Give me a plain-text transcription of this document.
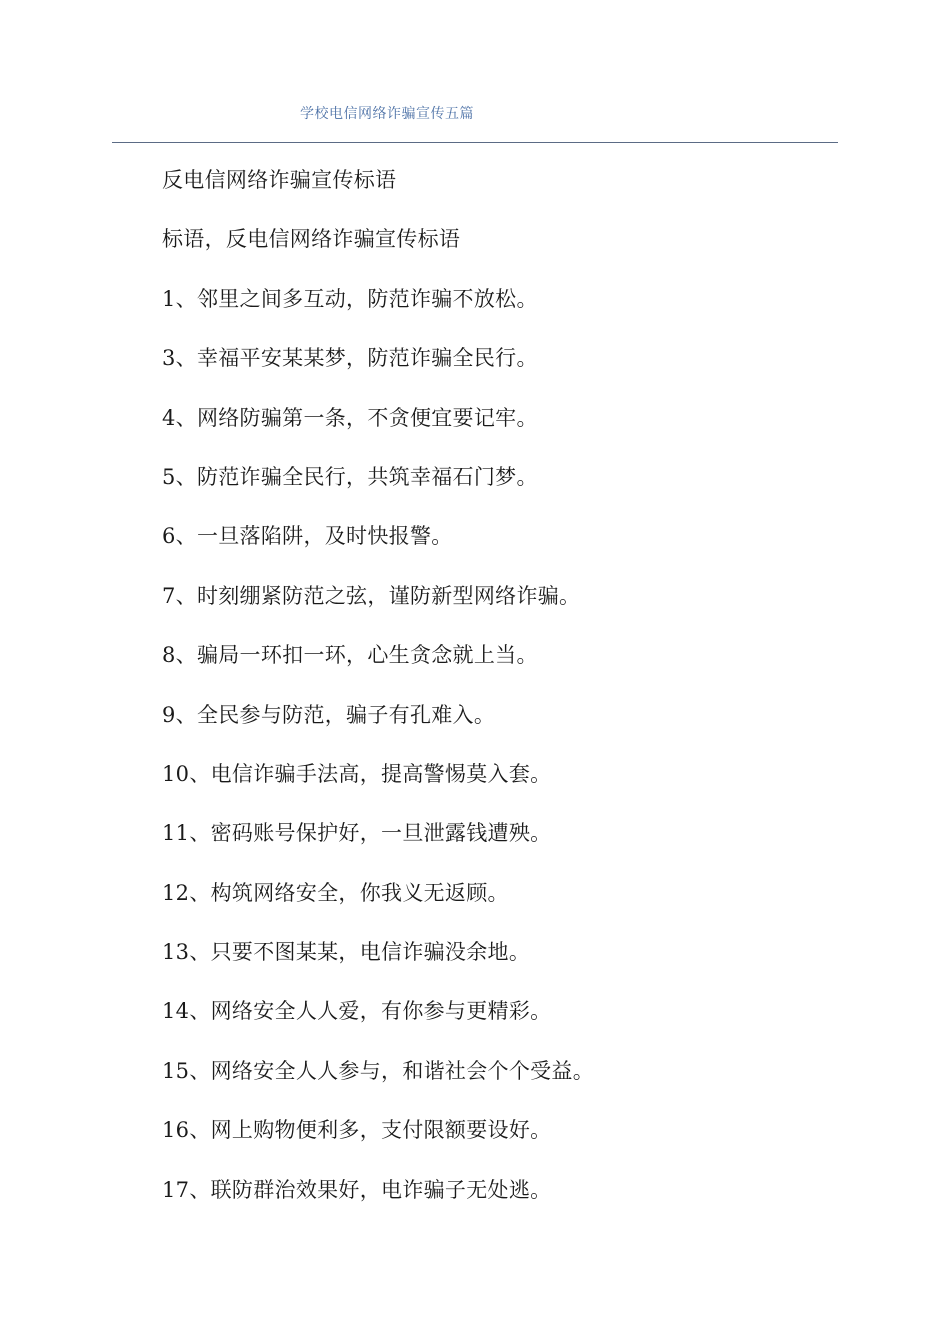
学校电信网络诈骗宣传五篇
反电信网络诈骗宣传标语
标语，反电信网络诈骗宣传标语
1、邻里之间多互动，防范诈骗不放松。
3、幸福平安某某梦，防范诈骗全民行。
4、网络防骗第一条，不贪便宜要记牢。
5、防范诈骗全民行，共筑幸福石门梦。
6、一旦落陷阱，及时快报警。
7、时刻绷紧防范之弦，谨防新型网络诈骗。
8、骗局一环扣一环，心生贪念就上当。
9、全民参与防范，骗子有孔难入。
10、电信诈骗手法高，提高警惕莫入套。
11、密码账号保护好，一旦泄露钱遭殃。
12、构筑网络安全，你我义无返顾。
13、只要不图某某，电信诈骗没余地。
14、网络安全人人爱，有你参与更精彩。
15、网络安全人人参与，和谐社会个个受益。
16、网上购物便利多，支付限额要设好。
17、联防群治效果好，电诈骗子无处逃。
